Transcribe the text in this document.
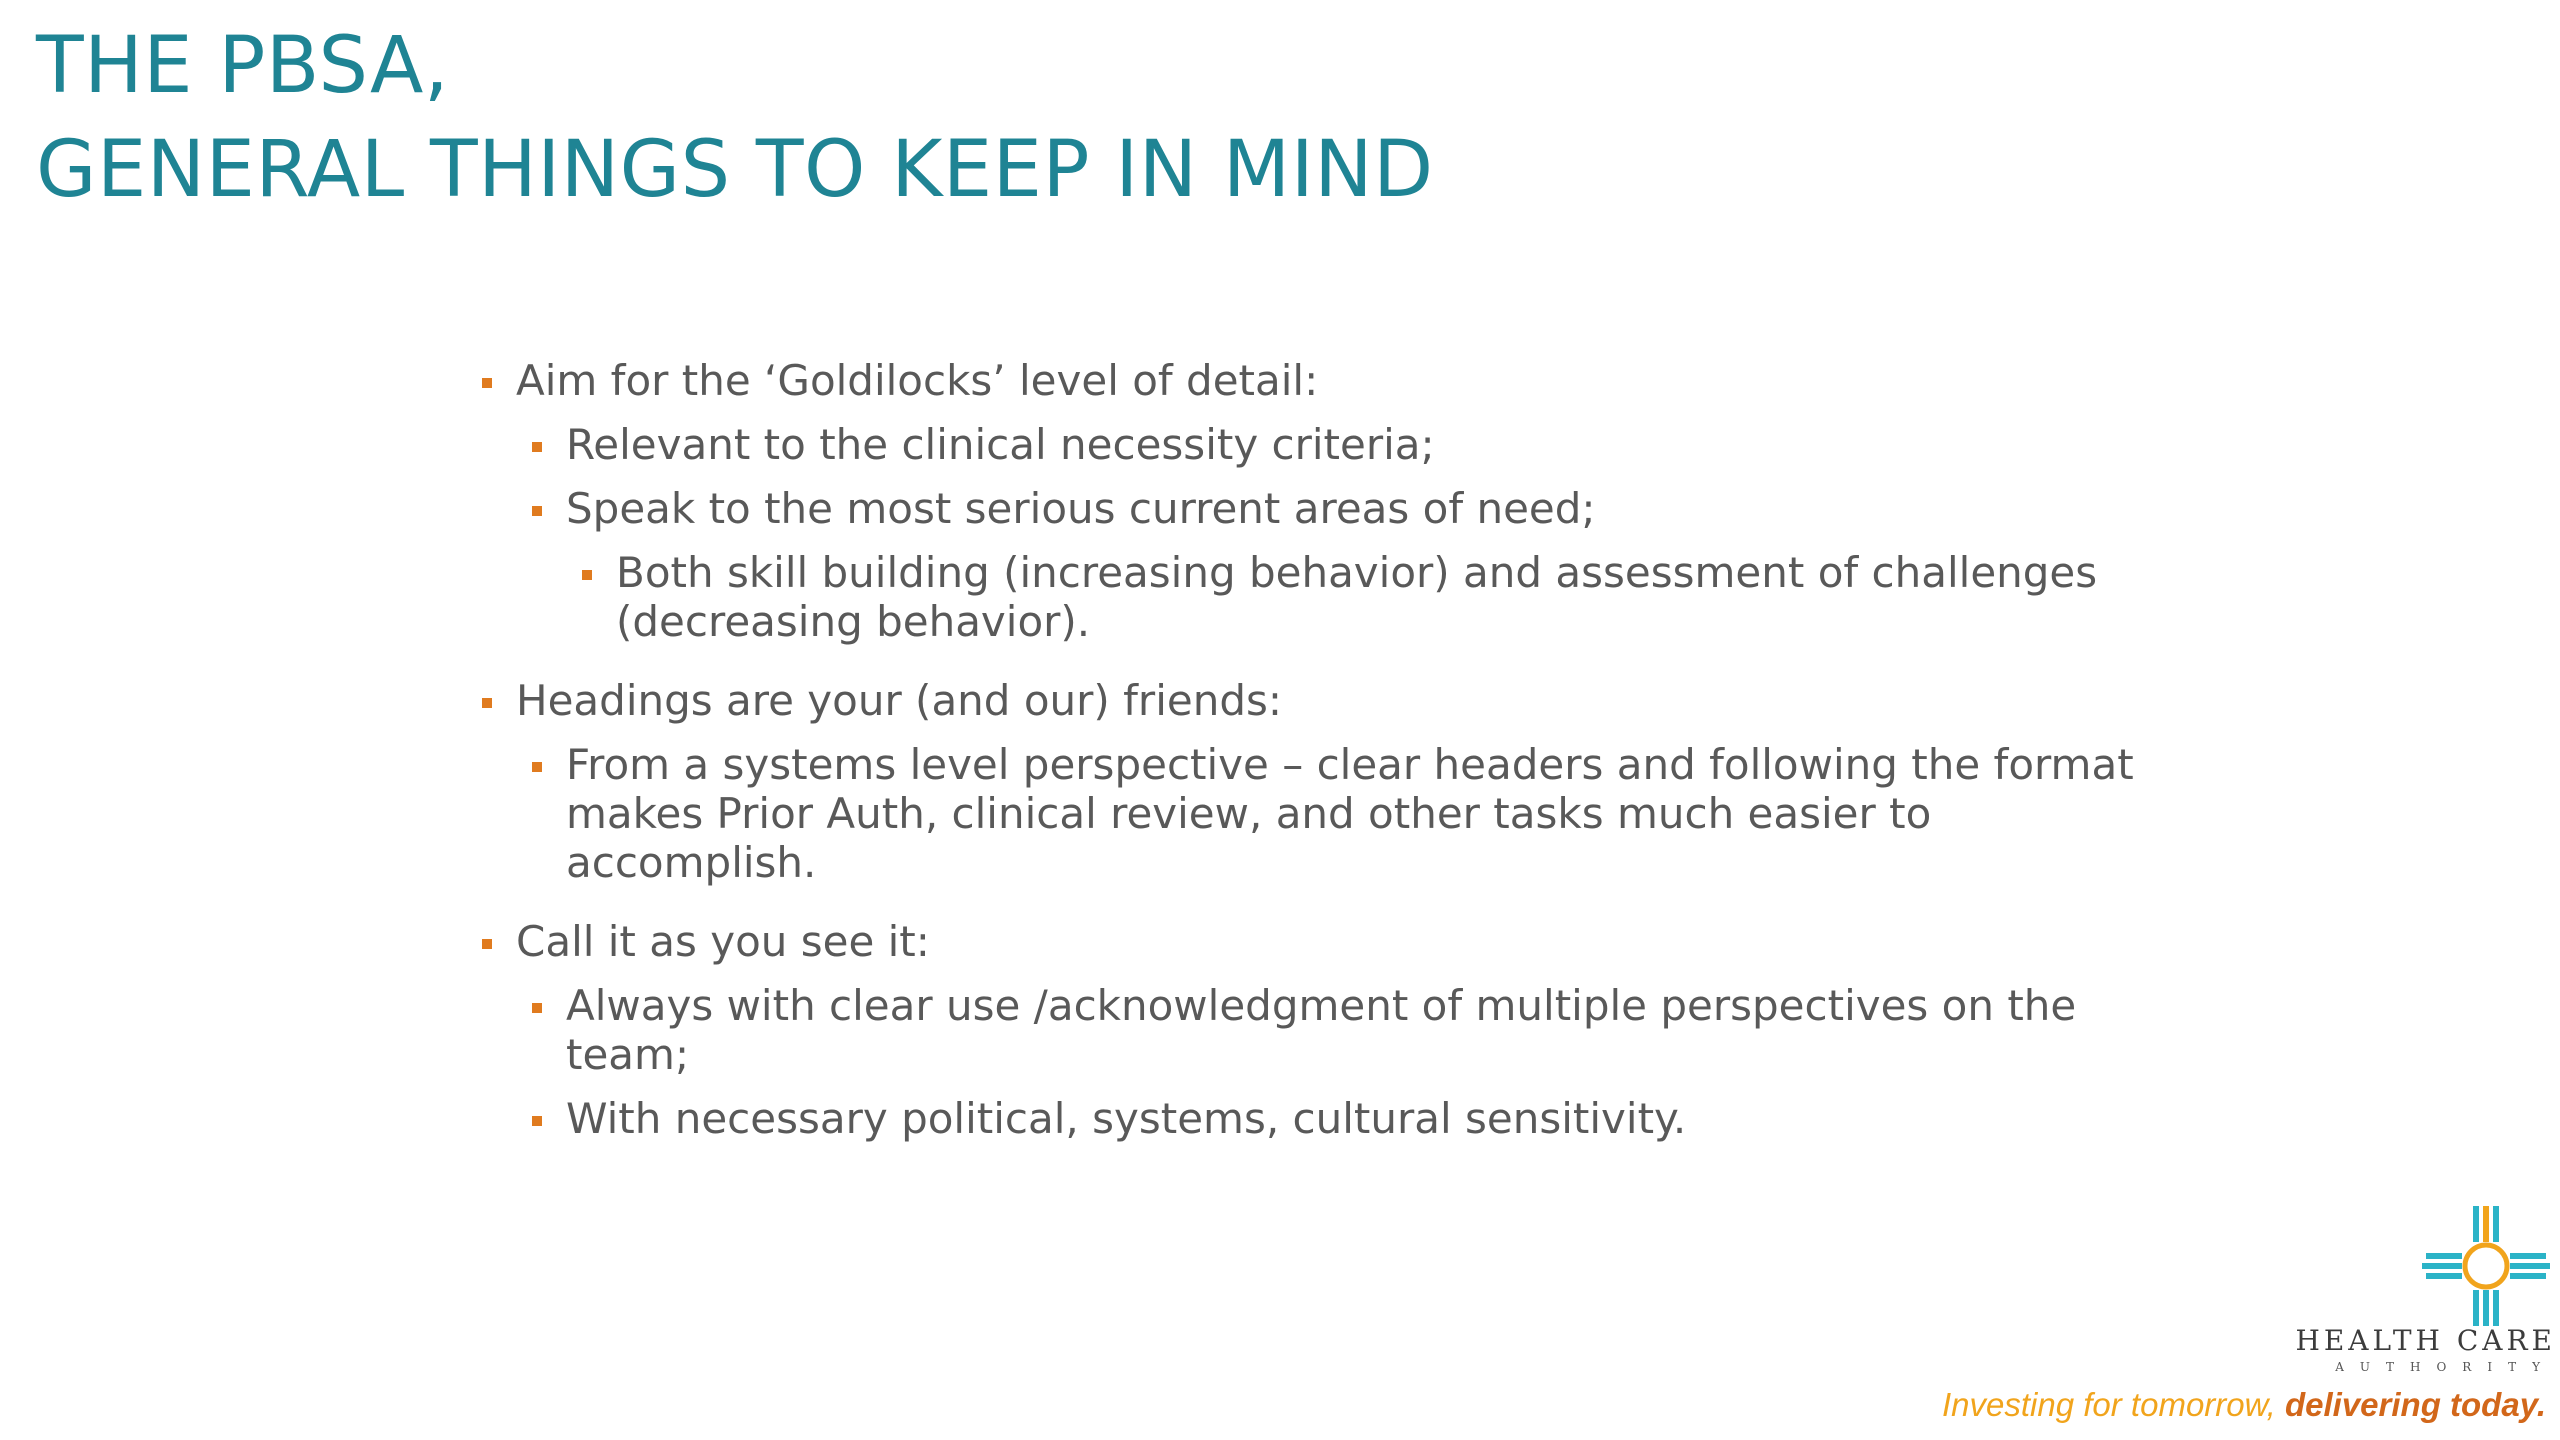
THE PBSA,
GENERAL THINGS TO KEEP IN MIND
Aim for the ‘Goldilocks’ level of detail:
Relevant to the clinical necessity criteria;
Speak to the most serious current areas of need;
Both skill building (increasing behavior) and assessment of challenges (decreasing behavior).
Headings are your (and our) friends:
From a systems level perspective – clear headers and following the format makes Prior Auth, clinical review, and other tasks much easier to accomplish.
Call it as you see it:
Always with clear use /acknowledgment of multiple perspectives on the team;
With necessary political, systems, cultural sensitivity.
HEALTH CARE
AUTHORITY
Investing for tomorrow, delivering today.
